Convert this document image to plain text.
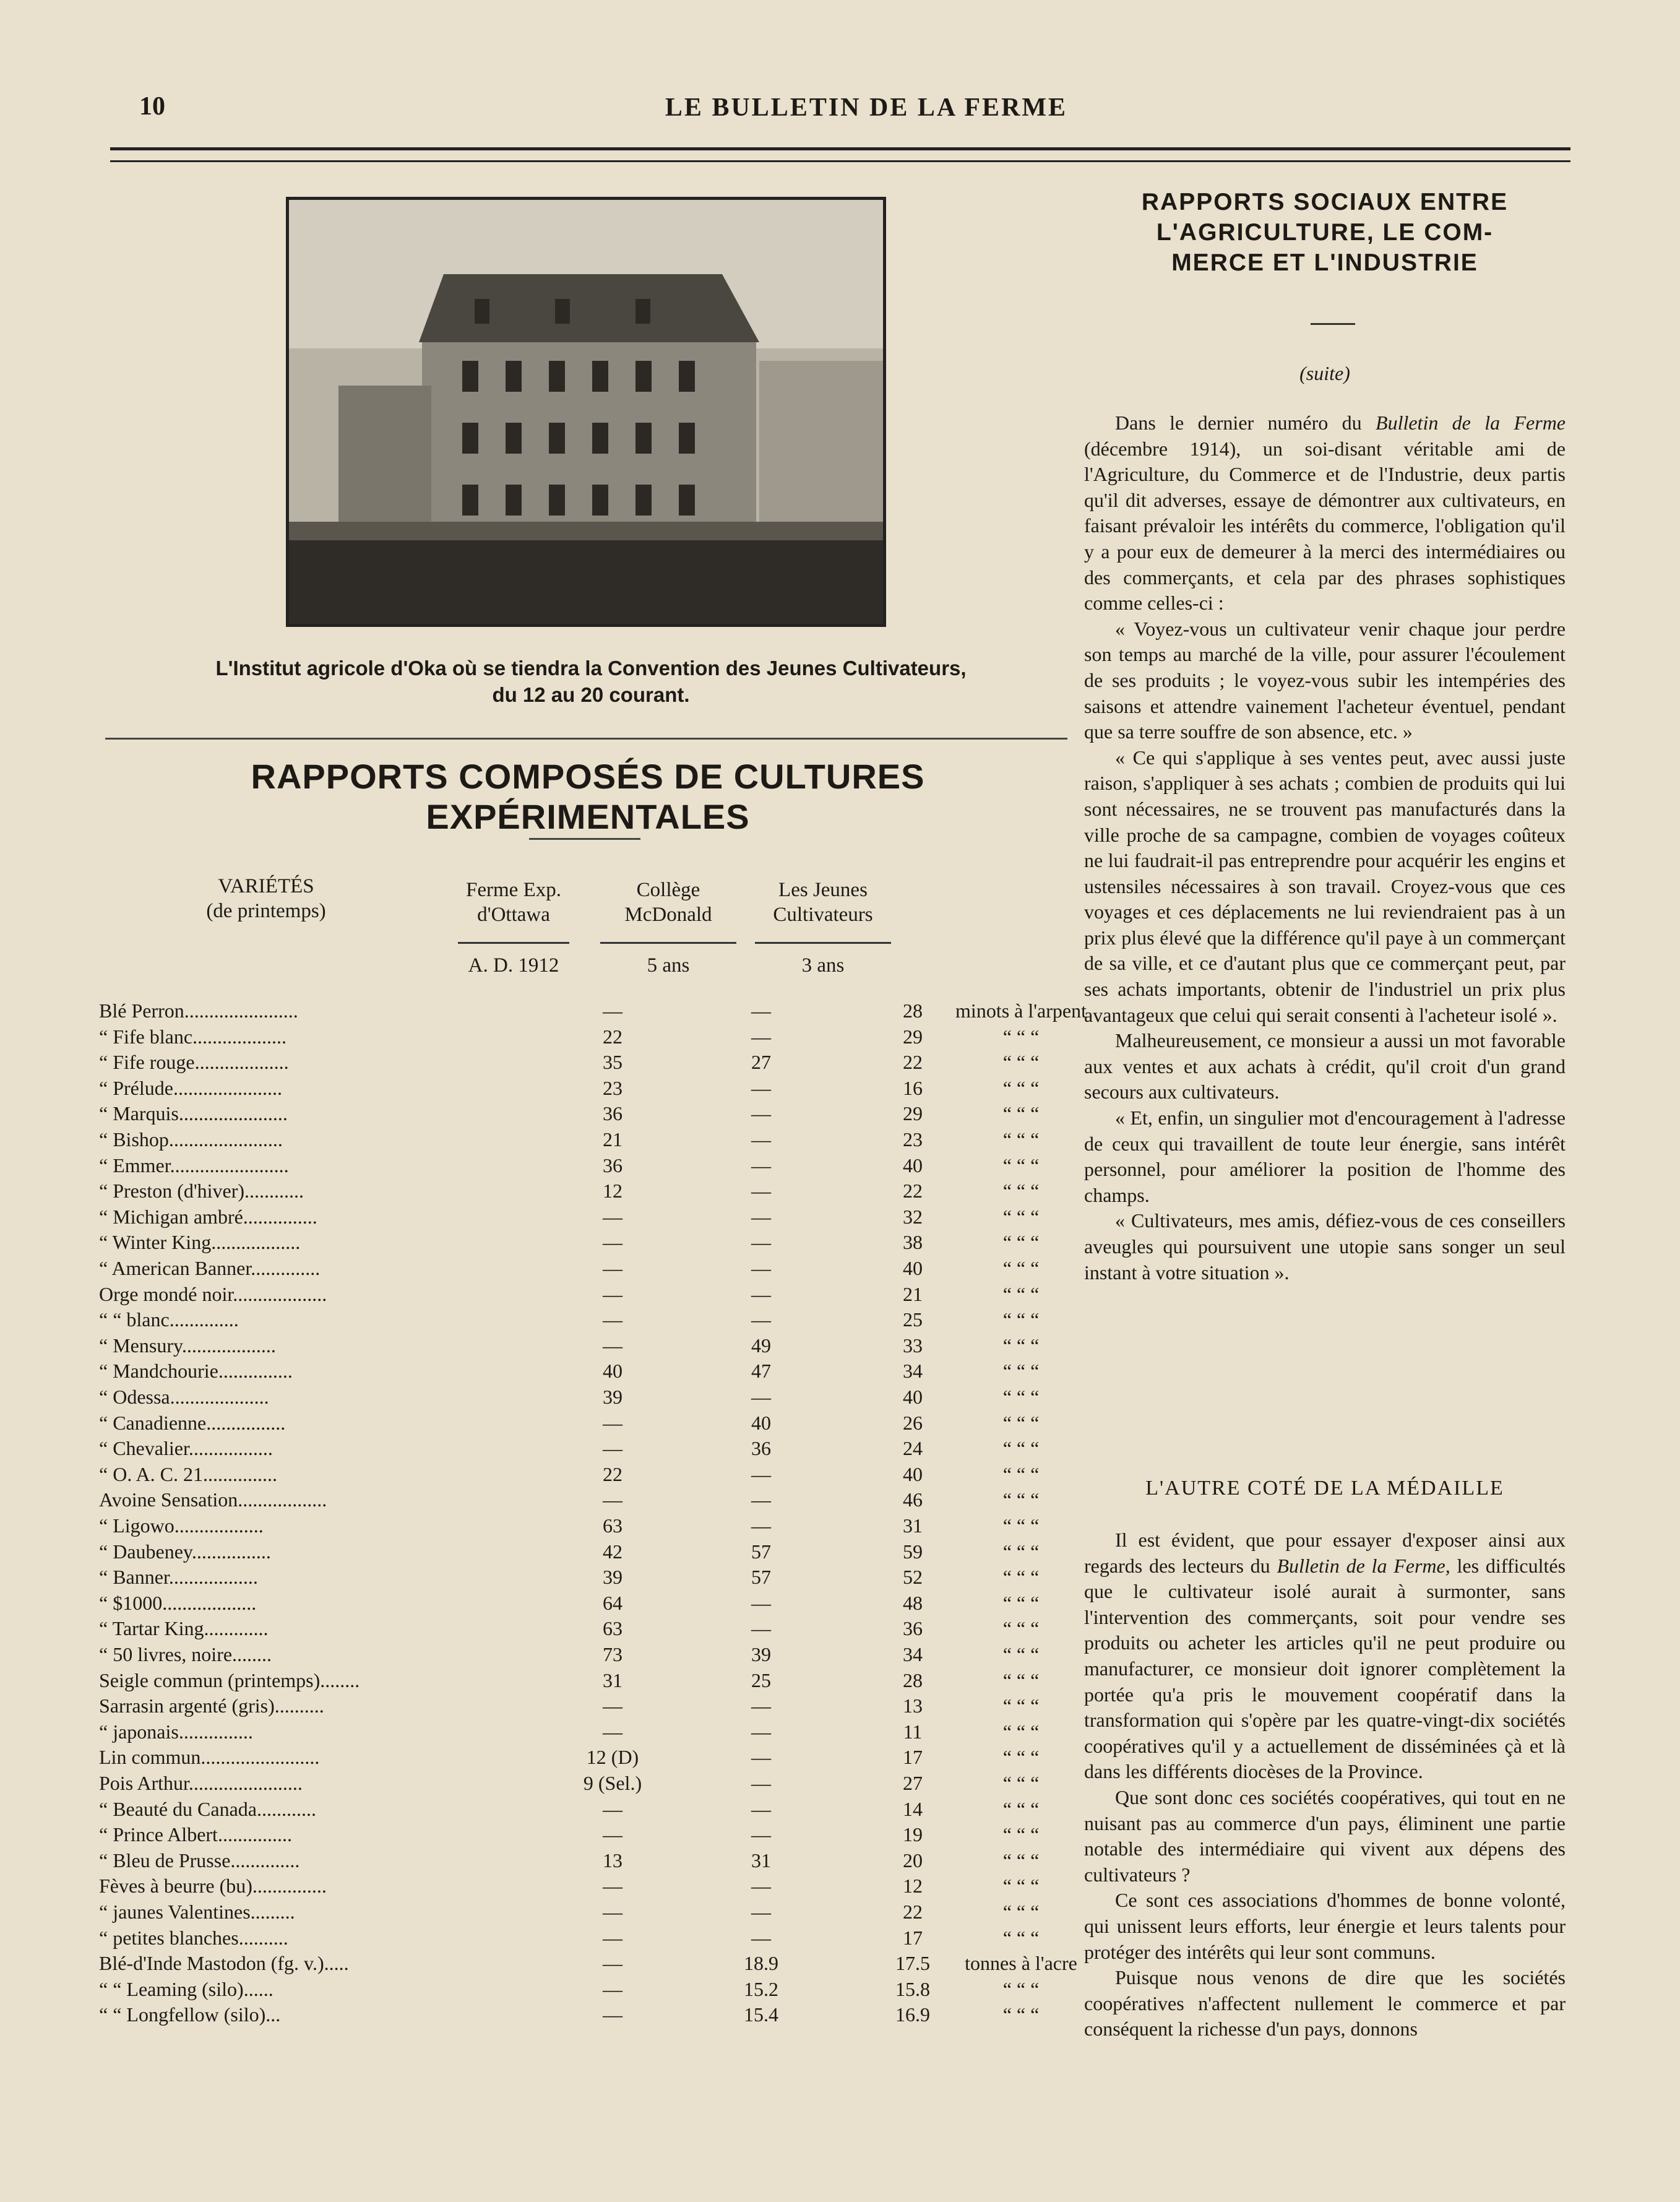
10	LE BULLETIN DE LA FERME
L'Institut agricole d'Oka où se tiendra la Convention des Jeunes Cultivateurs,
du 12 au 20 courant.
RAPPORTS COMPOSÉS DE CULTURES EXPÉRIMENTALES
VARIÉTÉS
(de printemps)
Ferme Exp.
d'Ottawa
Collège
McDonald
Les Jeunes
Cultivateurs
A. D. 1912	5 ans	3 ans
Blé Perron.......................	—	—	28	minots à l'arpent
“ Fife blanc...................	22	—	29	“ “ “
“ Fife rouge...................	35	27	22	“ “ “
“ Prélude......................	23	—	16	“ “ “
“ Marquis......................	36	—	29	“ “ “
“ Bishop.......................	21	—	23	“ “ “
“ Emmer........................	36	—	40	“ “ “
“ Preston (d'hiver)............	12	—	22	“ “ “
“ Michigan ambré...............	—	—	32	“ “ “
“ Winter King..................	—	—	38	“ “ “
“ American Banner..............	—	—	40	“ “ “
Orge mondé noir...................	—	—	21	“ “ “
“ “ blanc..............	—	—	25	“ “ “
“ Mensury...................	—	49	33	“ “ “
“ Mandchourie...............	40	47	34	“ “ “
“ Odessa....................	39	—	40	“ “ “
“ Canadienne................	—	40	26	“ “ “
“ Chevalier.................	—	36	24	“ “ “
“ O. A. C. 21...............	22	—	40	“ “ “
Avoine Sensation..................	—	—	46	“ “ “
“ Ligowo..................	63	—	31	“ “ “
“ Daubeney................	42	57	59	“ “ “
“ Banner..................	39	57	52	“ “ “
“ $1000...................	64	—	48	“ “ “
“ Tartar King.............	63	—	36	“ “ “
“ 50 livres, noire........	73	39	34	“ “ “
Seigle commun (printemps)........	31	25	28	“ “ “
Sarrasin argenté (gris)..........	—	—	13	“ “ “
“ japonais...............	—	—	11	“ “ “
Lin commun........................	12 (D)	—	17	“ “ “
Pois Arthur.......................	9 (Sel.)	—	27	“ “ “
“ Beauté du Canada............	—	—	14	“ “ “
“ Prince Albert...............	—	—	19	“ “ “
“ Bleu de Prusse..............	13	31	20	“ “ “
Fèves à beurre (bu)...............	—	—	12	“ “ “
“ jaunes Valentines.........	—	—	22	“ “ “
“ petites blanches..........	—	—	17	“ “ “
Blé-d'Inde Mastodon (fg. v.).....	—	18.9	17.5	tonnes à l'acre
“ “ Leaming (silo)......	—	15.2	15.8	“ “ “
“ “ Longfellow (silo)...	—	15.4	16.9	“ “ “
RAPPORTS SOCIAUX ENTRE
L'AGRICULTURE, LE COM-
MERCE ET L'INDUSTRIE
(suite)

Dans le dernier numéro du Bulletin de la Ferme (décembre 1914), un soi-disant véritable ami de l'Agriculture, du Commerce et de l'Industrie, deux partis qu'il dit adverses, essaye de démontrer aux cultivateurs, en faisant prévaloir les intérêts du commerce, l'obligation qu'il y a pour eux de demeurer à la merci des intermédiaires ou des commerçants, et cela par des phrases sophistiques comme celles-ci :

« Voyez-vous un cultivateur venir chaque jour perdre son temps au marché de la ville, pour assurer l'écoulement de ses produits ; le voyez-vous subir les intempéries des saisons et attendre vainement l'acheteur éventuel, pendant que sa terre souffre de son absence, etc. »

« Ce qui s'applique à ses ventes peut, avec aussi juste raison, s'appliquer à ses achats ; combien de produits qui lui sont nécessaires, ne se trouvent pas manufacturés dans la ville proche de sa campagne, combien de voyages coûteux ne lui faudrait-il pas entreprendre pour acquérir les engins et ustensiles nécessaires à son travail. Croyez-vous que ces voyages et ces déplacements ne lui reviendraient pas à un prix plus élevé que la différence qu'il paye à un commerçant de sa ville, et ce d'autant plus que ce commerçant peut, par ses achats importants, obtenir de l'industriel un prix plus avantageux que celui qui serait consenti à l'acheteur isolé ».

Malheureusement, ce monsieur a aussi un mot favorable aux ventes et aux achats à crédit, qu'il croit d'un grand secours aux cultivateurs.

« Et, enfin, un singulier mot d'encouragement à l'adresse de ceux qui travaillent de toute leur énergie, sans intérêt personnel, pour améliorer la position de l'homme des champs.

« Cultivateurs, mes amis, défiez-vous de ces conseillers aveugles qui poursuivent une utopie sans songer un seul instant à votre situation ».

L'AUTRE COTÉ DE LA MÉDAILLE

Il est évident, que pour essayer d'exposer ainsi aux regards des lecteurs du Bulletin de la Ferme, les difficultés que le cultivateur isolé aurait à surmonter, sans l'intervention des commerçants, soit pour vendre ses produits ou acheter les articles qu'il ne peut produire ou manufacturer, ce monsieur doit ignorer complètement la portée qu'a pris le mouvement coopératif dans la transformation qui s'opère par les quatre-vingt-dix sociétés coopératives qu'il y a actuellement de disséminées çà et là dans les différents diocèses de la Province.

Que sont donc ces sociétés coopératives, qui tout en ne nuisant pas au commerce d'un pays, éliminent une partie notable des intermédiaire qui vivent aux dépens des cultivateurs ?

Ce sont ces associations d'hommes de bonne volonté, qui unissent leurs efforts, leur énergie et leurs talents pour protéger des intérêts qui leur sont communs.

Puisque nous venons de dire que les sociétés coopératives n'affectent nullement le commerce et par conséquent la richesse d'un pays, donnons
